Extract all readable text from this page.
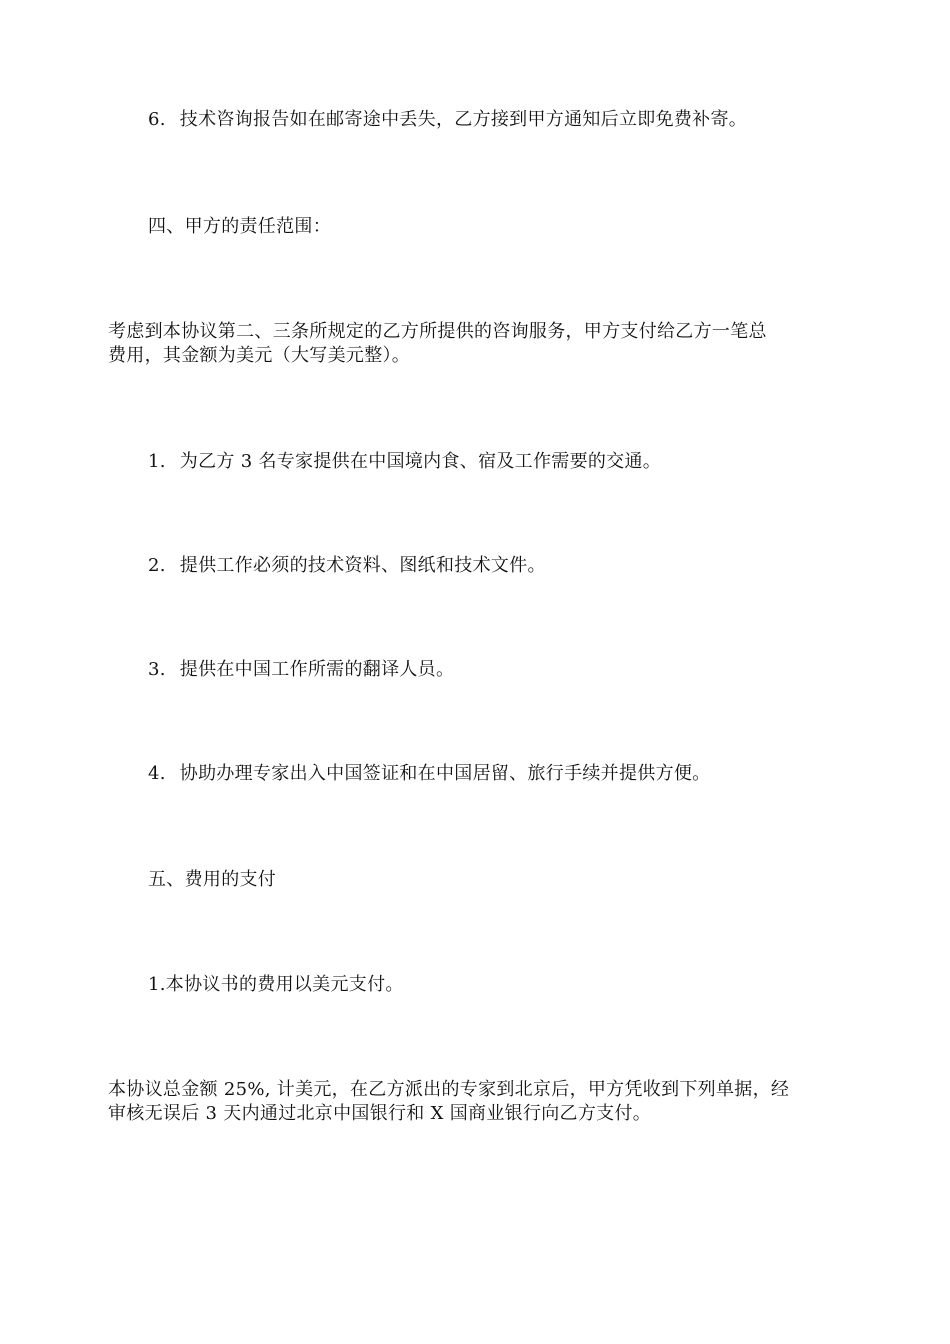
6. 技术咨询报告如在邮寄途中丢失，乙方接到甲方通知后立即免费补寄。
四、甲方的责任范围：
考虑到本协议第二、三条所规定的乙方所提供的咨询服务，甲方支付给乙方一笔总
费用，其金额为美元（大写美元整）。
1. 为乙方 3 名专家提供在中国境内食、宿及工作需要的交通。
2. 提供工作必须的技术资料、图纸和技术文件。
3. 提供在中国工作所需的翻译人员。
4. 协助办理专家出入中国签证和在中国居留、旅行手续并提供方便。
五、费用的支付
1.本协议书的费用以美元支付。
本协议总金额 25%, 计美元，在乙方派出的专家到北京后，甲方凭收到下列单据，经
审核无误后 3 天内通过北京中国银行和 X 国商业银行向乙方支付。
